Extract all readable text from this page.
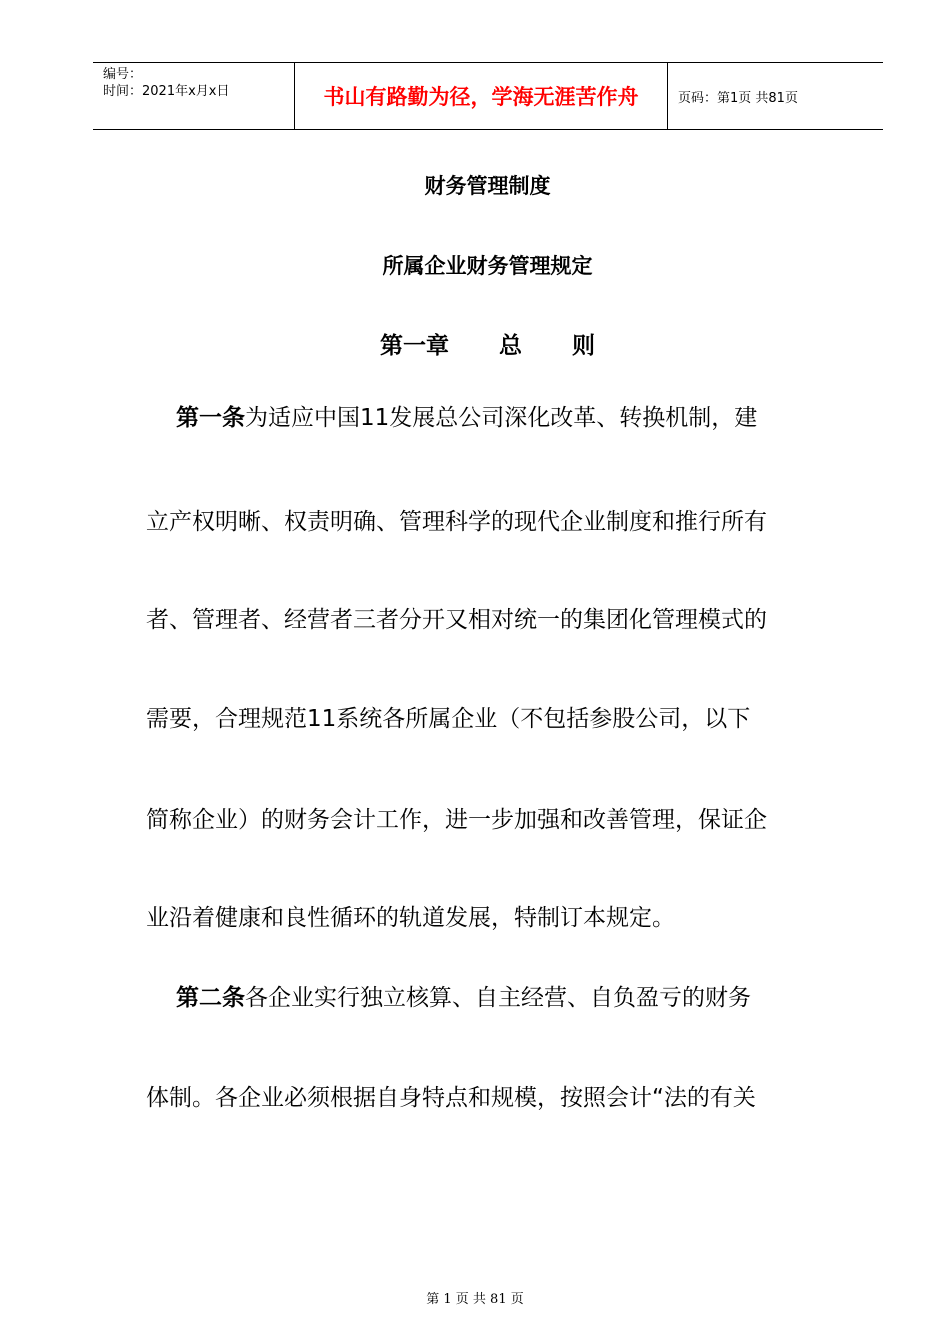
编号：
时间：2021年x月x日	书山有路勤为径，学海无涯苦作舟	页码：第1页 共81页
财务管理制度
所属企业财务管理规定
第一章 总 则
第一条为适应中国11发展总公司深化改革、转换机制，建
立产权明晰、权责明确、管理科学的现代企业制度和推行所有
者、管理者、经营者三者分开又相对统一的集团化管理模式的
需要，合理规范11系统各所属企业（不包括参股公司，以下
简称企业）的财务会计工作，进一步加强和改善管理，保证企
业沿着健康和良性循环的轨道发展，特制订本规定。
第二条各企业实行独立核算、自主经营、自负盈亏的财务
体制。各企业必须根据自身特点和规模，按照会计“法的有关
第 1 页 共 81 页
